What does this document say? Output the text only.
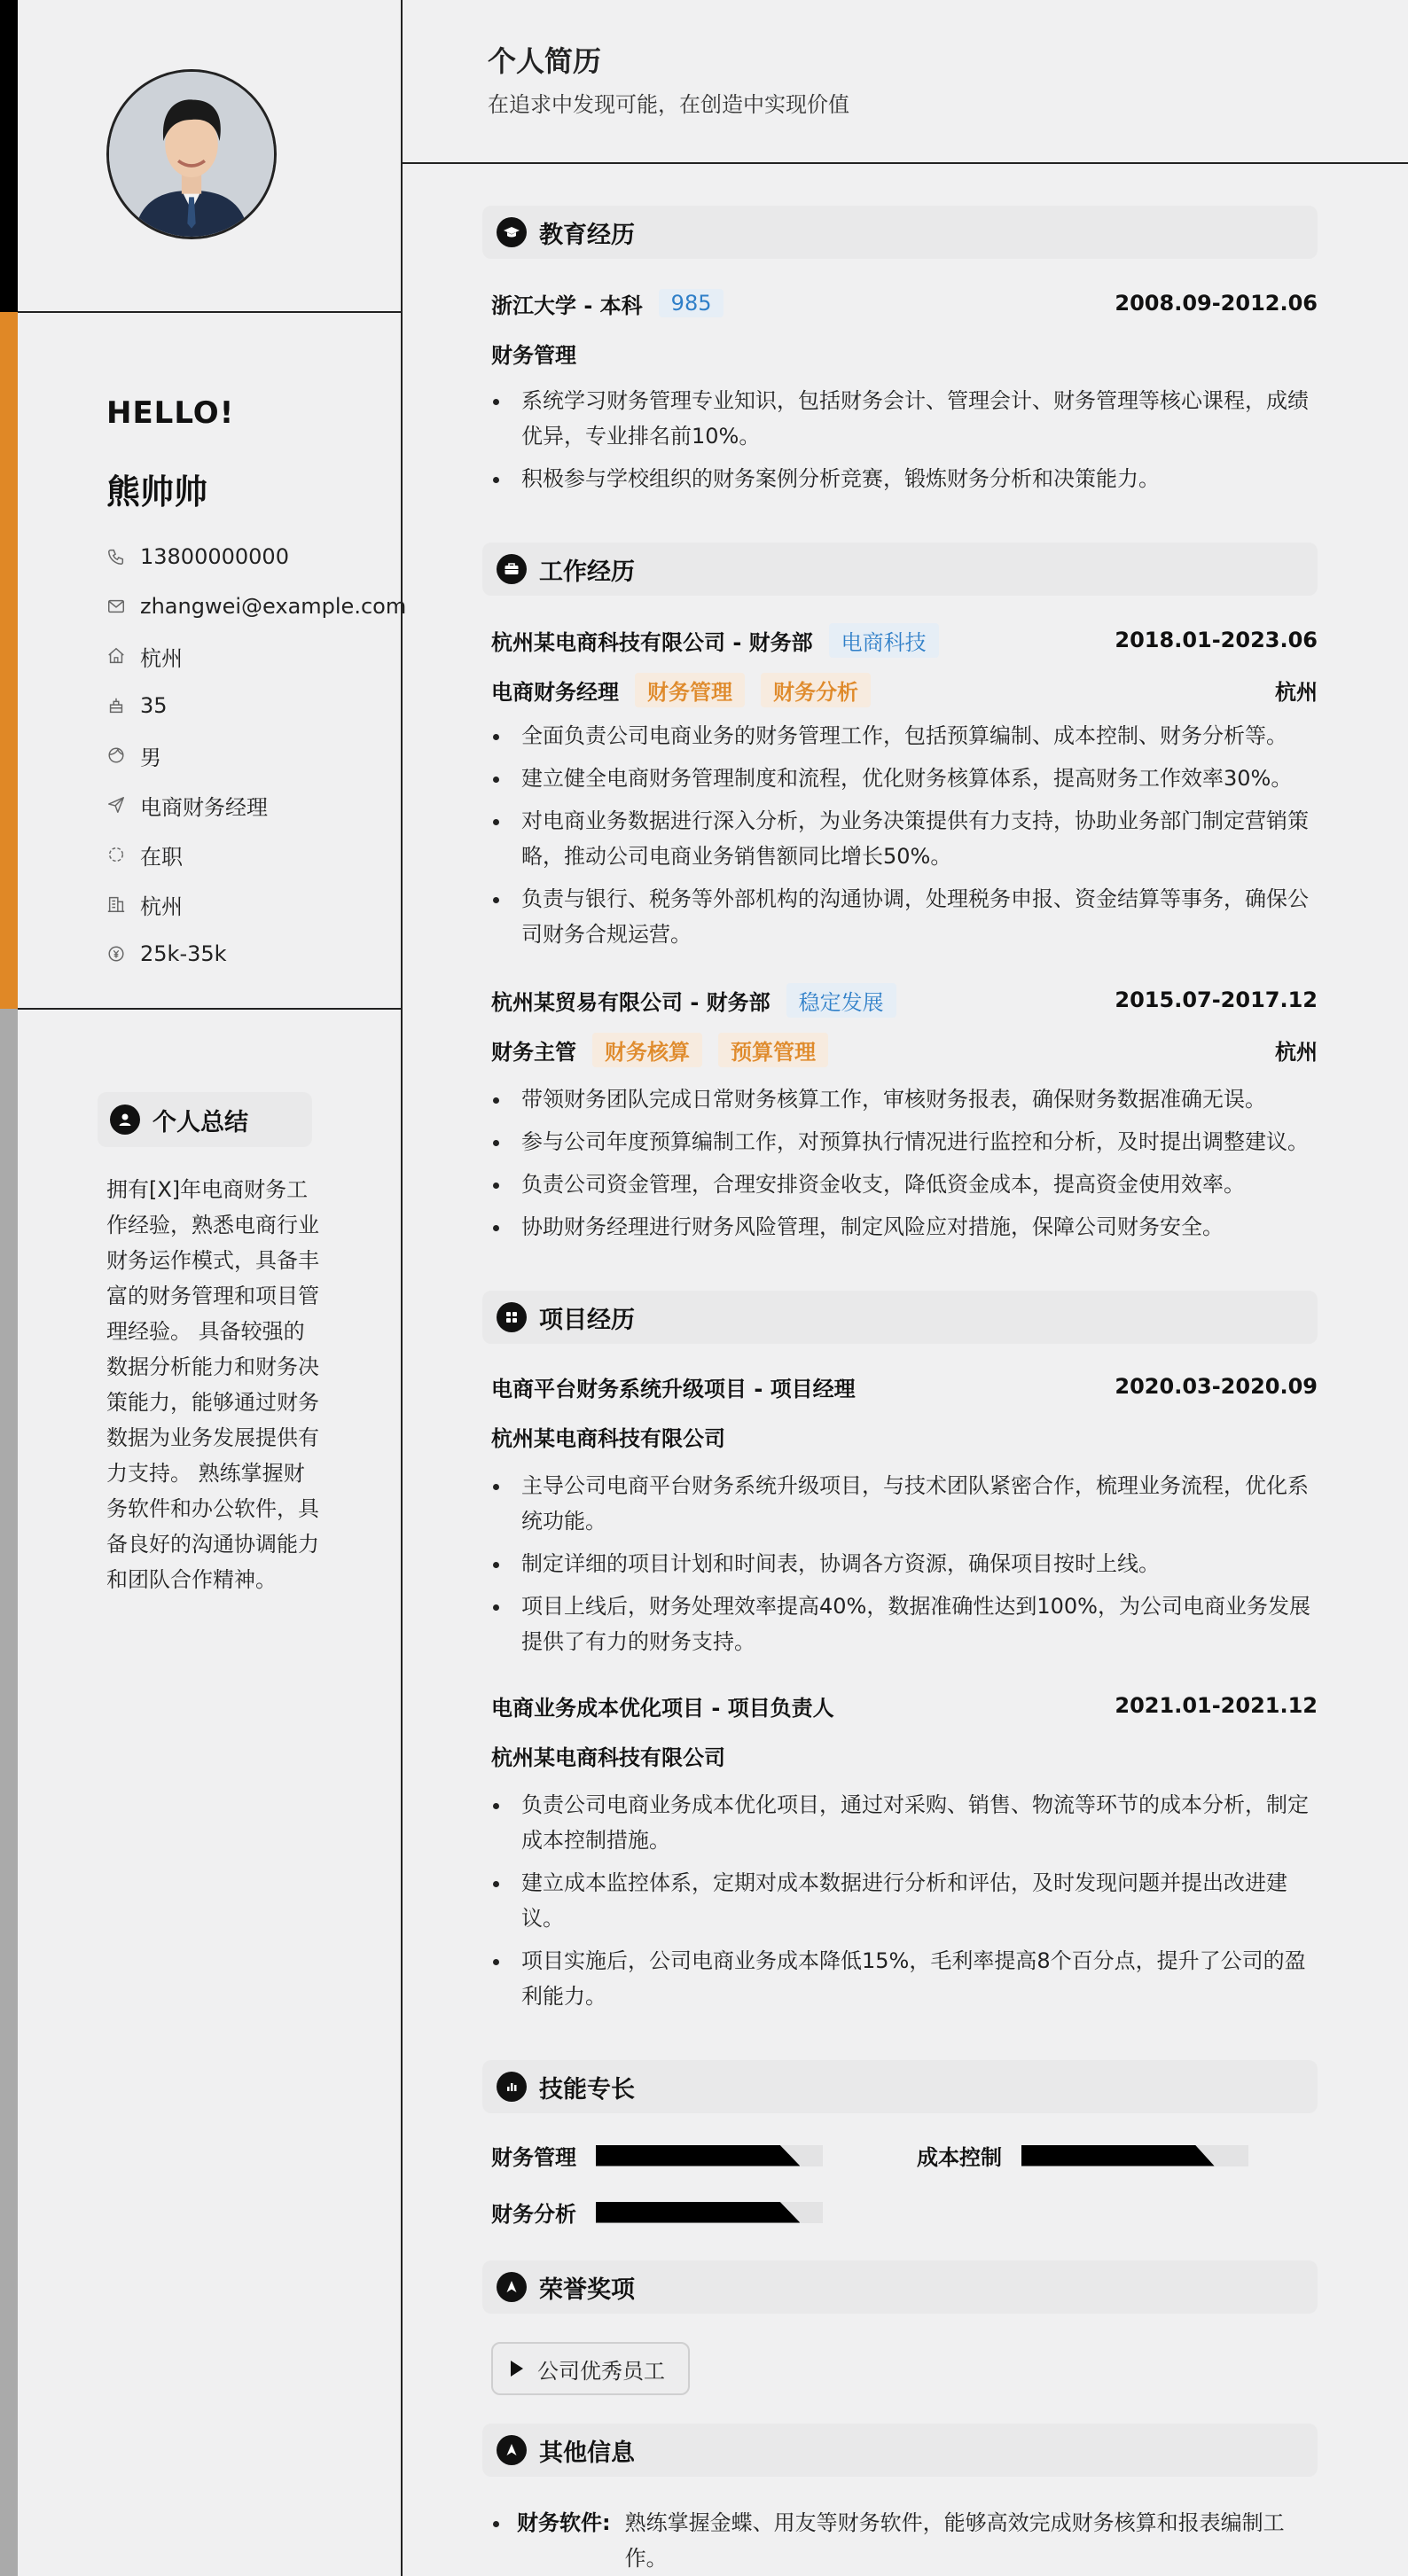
HELLO!
熊帅帅
13800000000
zhangwei@example.com
杭州
35
男
电商财务经理
在职
杭州
25k-35k
个人总结
拥有[X]年电商财务工作经验，熟悉电商行业财务运作模式，具备丰富的财务管理和项目管理经验。 具备较强的数据分析能力和财务决策能力，能够通过财务数据为业务发展提供有力支持。 熟练掌握财务软件和办公软件，具备良好的沟通协调能力和团队合作精神。
个人简历
在追求中发现可能，在创造中实现价值
教育经历
浙江大学 - 本科	985	2008.09-2012.06
财务管理
系统学习财务管理专业知识，包括财务会计、管理会计、财务管理等核心课程，成绩优异，专业排名前10%。
积极参与学校组织的财务案例分析竞赛，锻炼财务分析和决策能力。
工作经历
杭州某电商科技有限公司 - 财务部	电商科技	2018.01-2023.06
电商财务经理	财务管理	财务分析	杭州
全面负责公司电商业务的财务管理工作，包括预算编制、成本控制、财务分析等。
建立健全电商财务管理制度和流程，优化财务核算体系，提高财务工作效率30%。
对电商业务数据进行深入分析，为业务决策提供有力支持，协助业务部门制定营销策略，推动公司电商业务销售额同比增长50%。
负责与银行、税务等外部机构的沟通协调，处理税务申报、资金结算等事务，确保公司财务合规运营。
杭州某贸易有限公司 - 财务部	稳定发展	2015.07-2017.12
财务主管	财务核算	预算管理	杭州
带领财务团队完成日常财务核算工作，审核财务报表，确保财务数据准确无误。
参与公司年度预算编制工作，对预算执行情况进行监控和分析，及时提出调整建议。
负责公司资金管理，合理安排资金收支，降低资金成本，提高资金使用效率。
协助财务经理进行财务风险管理，制定风险应对措施，保障公司财务安全。
项目经历
电商平台财务系统升级项目 - 项目经理	2020.03-2020.09
杭州某电商科技有限公司
主导公司电商平台财务系统升级项目，与技术团队紧密合作，梳理业务流程，优化系统功能。
制定详细的项目计划和时间表，协调各方资源，确保项目按时上线。
项目上线后，财务处理效率提高40%，数据准确性达到100%，为公司电商业务发展提供了有力的财务支持。
电商业务成本优化项目 - 项目负责人	2021.01-2021.12
杭州某电商科技有限公司
负责公司电商业务成本优化项目，通过对采购、销售、物流等环节的成本分析，制定成本控制措施。
建立成本监控体系，定期对成本数据进行分析和评估，及时发现问题并提出改进建议。
项目实施后，公司电商业务成本降低15%，毛利率提高8个百分点，提升了公司的盈利能力。
技能专长
财务管理	成本控制
财务分析
荣誉奖项
公司优秀员工
其他信息
财务软件: 熟练掌握金蝶、用友等财务软件，能够高效完成财务核算和报表编制工作。
